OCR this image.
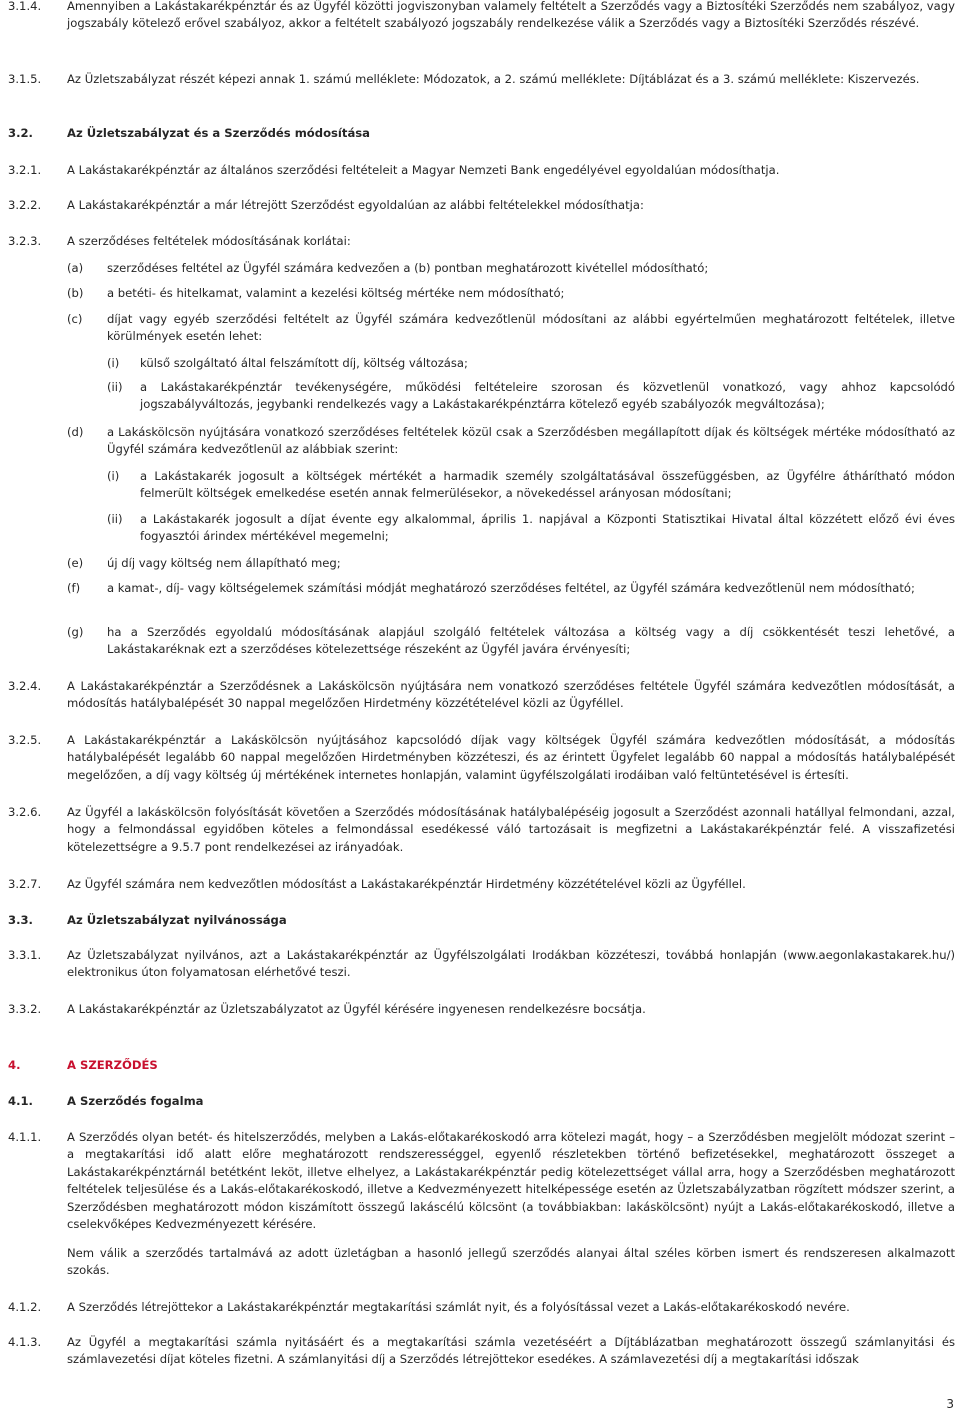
3.1.4. Amennyiben a Lakástakarékpénztár és az Ügyfél közötti jogviszonyban valamely feltételt a Szerződés vagy a Biztosítéki Szerződés nem szabályoz, vagy jogszabály kötelező erővel szabályoz, akkor a feltételt szabályozó jogszabály rendelkezése válik a Szerződés vagy a Biztosítéki Szerződés részévé.
3.1.5. Az Üzletszabályzat részét képezi annak 1. számú melléklete: Módozatok, a 2. számú melléklete: Díjtáblázat és a 3. számú melléklete: Kiszervezés.
3.2.	Az Üzletszabályzat és a Szerződés módosítása
3.2.1. A Lakástakarékpénztár az általános szerződési feltételeit a Magyar Nemzeti Bank engedélyével egyoldalúan módosíthatja.
3.2.2. A Lakástakarékpénztár a már létrejött Szerződést egyoldalúan az alábbi feltételekkel módosíthatja:
3.2.3. A szerződéses feltételek módosításának korlátai:
(a) szerződéses feltétel az Ügyfél számára kedvezően a (b) pontban meghatározott kivétellel módosítható;
(b) a betéti- és hitelkamat, valamint a kezelési költség mértéke nem módosítható;
(c) díjat vagy egyéb szerződési feltételt az Ügyfél számára kedvezőtlenül módosítani az alábbi egyértelműen meghatározott feltételek, illetve körülmények esetén lehet:
(i) külső szolgáltató által felszámított díj, költség változása;
(ii) a Lakástakarékpénztár tevékenységére, működési feltételeire szorosan és közvetlenül vonatkozó, vagy ahhoz kapcsolódó jogszabályváltozás, jegybanki rendelkezés vagy a Lakástakarékpénztárra kötelező egyéb szabályozók megváltozása);
(d) a Lakáskölcsön nyújtására vonatkozó szerződéses feltételek közül csak a Szerződésben megállapított díjak és költségek mértéke módosítható az Ügyfél számára kedvezőtlenül az alábbiak szerint:
(i) a Lakástakarék jogosult a költségek mértékét a harmadik személy szolgáltatásával összefüggésben, az Ügyfélre áthárítható módon felmerült költségek emelkedése esetén annak felmerülésekor, a növekedéssel arányosan módosítani;
(ii) a Lakástakarék jogosult a díjat évente egy alkalommal, április 1. napjával a Központi Statisztikai Hivatal által közzétett előző évi éves fogyasztói árindex mértékével megemelni;
(e) új díj vagy költség nem állapítható meg;
(f) a kamat-, díj- vagy költségelemek számítási módját meghatározó szerződéses feltétel, az Ügyfél számára kedvezőtlenül nem módosítható;
(g) ha a Szerződés egyoldalú módosításának alapjául szolgáló feltételek változása a költség vagy a díj csökkentését teszi lehetővé, a Lakástakaréknak ezt a szerződéses kötelezettsége részeként az Ügyfél javára érvényesíti;
3.2.4. A Lakástakarékpénztár a Szerződésnek a Lakáskölcsön nyújtására nem vonatkozó szerződéses feltétele Ügyfél számára kedvezőtlen módosítását, a módosítás hatálybalépését 30 nappal megelőzően Hirdetmény közzétételével közli az Ügyféllel.
3.2.5. A Lakástakarékpénztár a Lakáskölcsön nyújtásához kapcsolódó díjak vagy költségek Ügyfél számára kedvezőtlen módosítását, a módosítás hatálybalépését legalább 60 nappal megelőzően Hirdetményben közzéteszi, és az érintett Ügyfelet legalább 60 nappal a módosítás hatálybalépését megelőzően, a díj vagy költség új mértékének internetes honlapján, valamint ügyfélszolgálati irodáiban való feltüntetésével is értesíti.
3.2.6. Az Ügyfél a lakáskölcsön folyósítását követően a Szerződés módosításának hatálybalépéséig jogosult a Szerződést azonnali hatállyal felmondani, azzal, hogy a felmondással egyidőben köteles a felmondással esedékessé váló tartozásait is megfizetni a Lakástakarékpénztár felé. A visszafizetési kötelezettségre a 9.5.7 pont rendelkezései az irányadóak.
3.2.7. Az Ügyfél számára nem kedvezőtlen módosítást a Lakástakarékpénztár Hirdetmény közzétételével közli az Ügyféllel.
3.3.	Az Üzletszabályzat nyilvánossága
3.3.1. Az Üzletszabályzat nyilvános, azt a Lakástakarékpénztár az Ügyfélszolgálati Irodákban közzéteszi, továbbá honlapján (www.aegonlakastakarek.hu/) elektronikus úton folyamatosan elérhetővé teszi.
3.3.2. A Lakástakarékpénztár az Üzletszabályzatot az Ügyfél kérésére ingyenesen rendelkezésre bocsátja.
4.	A SZERZŐDÉS
4.1.	A Szerződés fogalma
4.1.1. A Szerződés olyan betét- és hitelszerződés, melyben a Lakás-előtakarékoskodó arra kötelezi magát, hogy – a Szerződésben megjelölt módozat szerint – a megtakarítási idő alatt előre meghatározott rendszerességgel, egyenlő részletekben történő befizetésekkel, meghatározott összeget a Lakástakarékpénztárnál betétként leköt, illetve elhelyez, a Lakástakarékpénztár pedig kötelezettséget vállal arra, hogy a Szerződésben meghatározott feltételek teljesülése és a Lakás-előtakarékoskodó, illetve a Kedvezményezett hitelképessége esetén az Üzletszabályzatban rögzített módszer szerint, a Szerződésben meghatározott módon kiszámított összegű lakáscélú kölcsönt (a továbbiakban: lakáskölcsönt) nyújt a Lakás-előtakarékoskodó, illetve a cselekvőképes Kedvezményezett kérésére.
Nem válik a szerződés tartalmává az adott üzletágban a hasonló jellegű szerződés alanyai által széles körben ismert és rendszeresen alkalmazott szokás.
4.1.2. A Szerződés létrejöttekor a Lakástakarékpénztár megtakarítási számlát nyit, és a folyósítással vezet a Lakás-előtakarékoskodó nevére.
4.1.3. Az Ügyfél a megtakarítási számla nyitásáért és a megtakarítási számla vezetéséért a Díjtáblázatban meghatározott összegű számlanyitási és számlavezetési díjat köteles fizetni. A számlanyitási díj a Szerződés létrejöttekor esedékes. A számlavezetési díj a megtakarítási időszak
3
